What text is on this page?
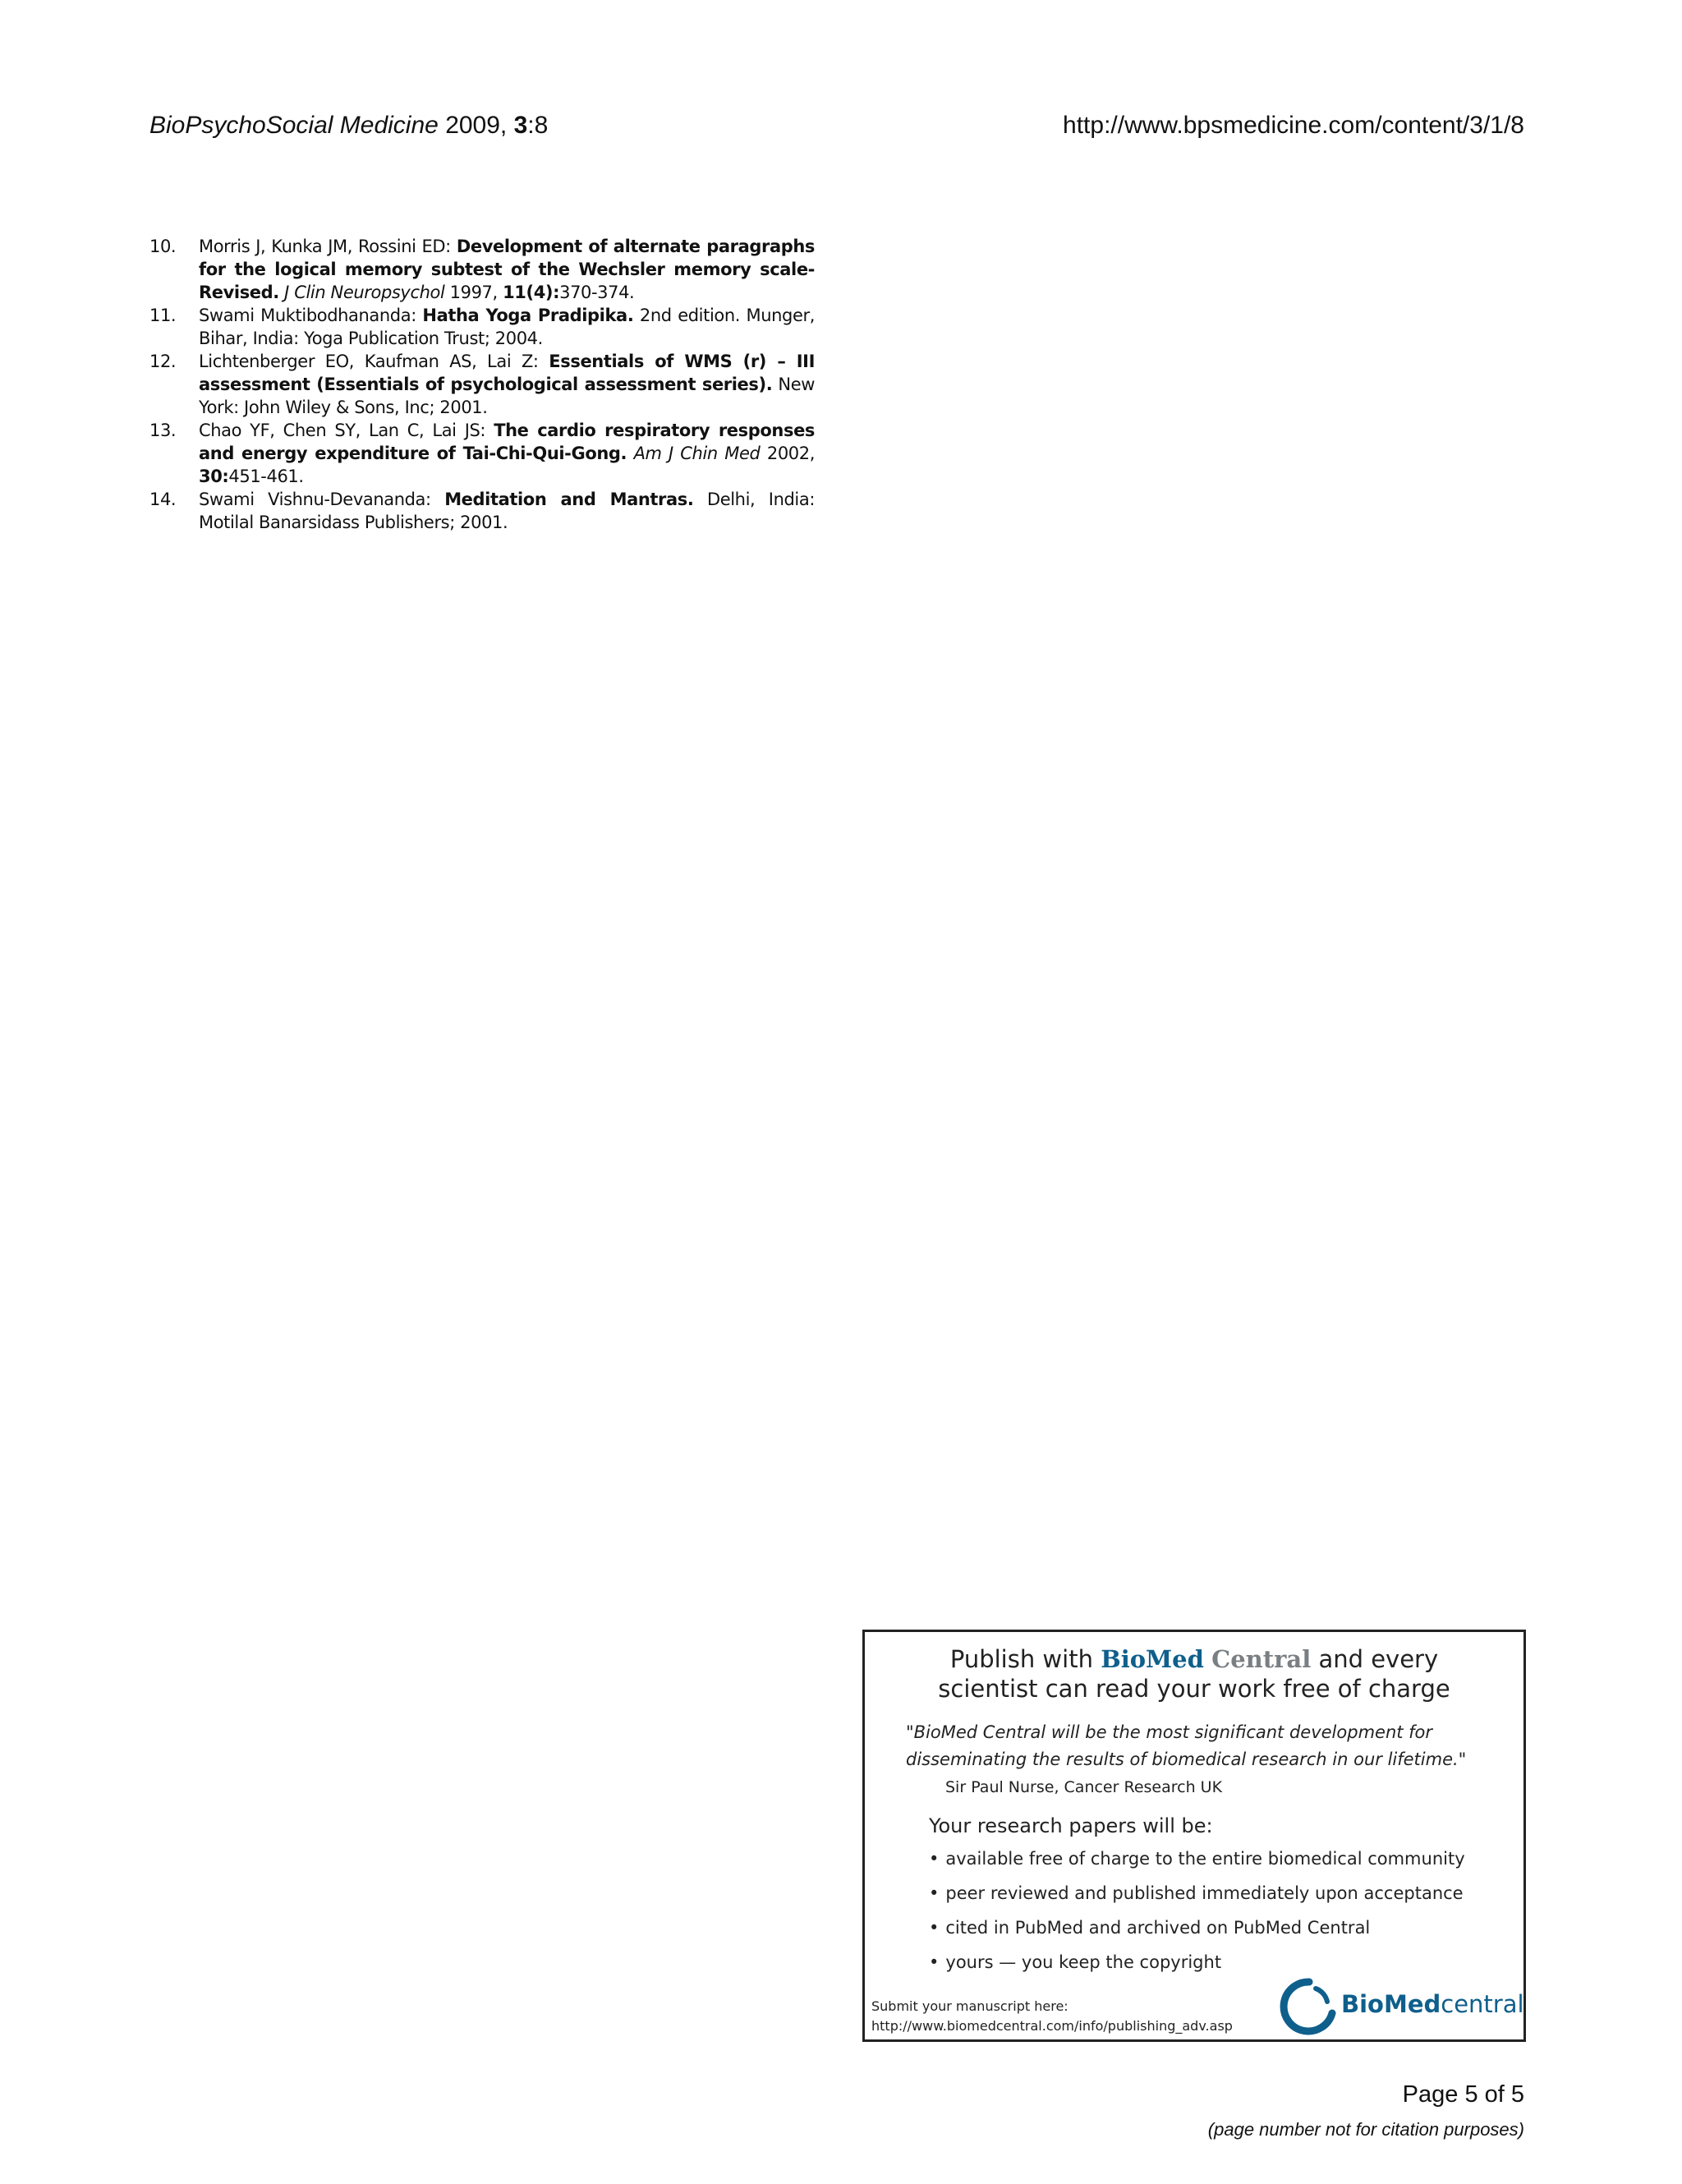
BioPsychoSocial Medicine 2009, 3:8	http://www.bpsmedicine.com/content/3/1/8
10. Morris J, Kunka JM, Rossini ED: Development of alternate paragraphs for the logical memory subtest of the Wechsler memory scale-Revised. J Clin Neuropsychol 1997, 11(4):370-374.
11. Swami Muktibodhananda: Hatha Yoga Pradipika. 2nd edition. Munger, Bihar, India: Yoga Publication Trust; 2004.
12. Lichtenberger EO, Kaufman AS, Lai Z: Essentials of WMS (r) – III assessment (Essentials of psychological assessment series). New York: John Wiley & Sons, Inc; 2001.
13. Chao YF, Chen SY, Lan C, Lai JS: The cardio respiratory responses and energy expenditure of Tai-Chi-Qui-Gong. Am J Chin Med 2002, 30:451-461.
14. Swami Vishnu-Devananda: Meditation and Mantras. Delhi, India: Motilal Banarsidass Publishers; 2001.
Publish with BioMed Central and every
scientist can read your work free of charge
"BioMed Central will be the most significant development for disseminating the results of biomedical research in our lifetime."
Sir Paul Nurse, Cancer Research UK
Your research papers will be:
• available free of charge to the entire biomedical community
• peer reviewed and published immediately upon acceptance
• cited in PubMed and archived on PubMed Central
• yours — you keep the copyright
Submit your manuscript here:
http://www.biomedcentral.com/info/publishing_adv.asp
BioMedcentral
Page 5 of 5
(page number not for citation purposes)
